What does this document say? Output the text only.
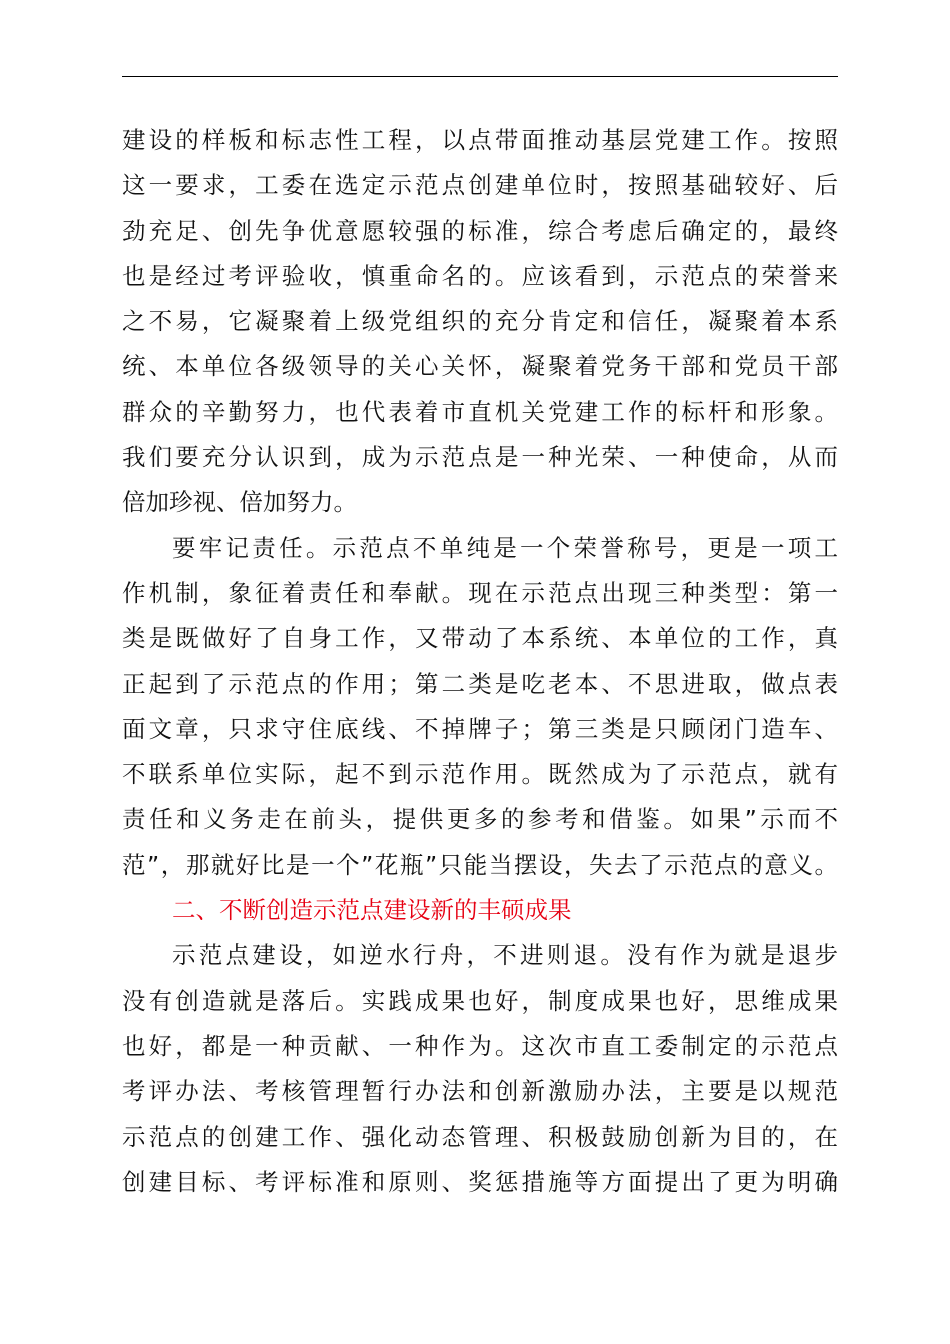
建设的样板和标志性工程，以点带面推动基层党建工作。按照
这一要求，工委在选定示范点创建单位时，按照基础较好、后
劲充足、创先争优意愿较强的标准，综合考虑后确定的，最终
也是经过考评验收，慎重命名的。应该看到，示范点的荣誉来
之不易，它凝聚着上级党组织的充分肯定和信任，凝聚着本系
统、本单位各级领导的关心关怀，凝聚着党务干部和党员干部
群众的辛勤努力，也代表着市直机关党建工作的标杆和形象。
我们要充分认识到，成为示范点是一种光荣、一种使命，从而
倍加珍视、倍加努力。
要牢记责任。示范点不单纯是一个荣誉称号，更是一项工
作机制，象征着责任和奉献。现在示范点出现三种类型：第一
类是既做好了自身工作，又带动了本系统、本单位的工作，真
正起到了示范点的作用；第二类是吃老本、不思进取，做点表
面文章，只求守住底线、不掉牌子；第三类是只顾闭门造车、
不联系单位实际，起不到示范作用。既然成为了示范点，就有
责任和义务走在前头，提供更多的参考和借鉴。如果”示而不
范”，那就好比是一个”花瓶”只能当摆设，失去了示范点的意义。
二、不断创造示范点建设新的丰硕成果
示范点建设，如逆水行舟，不进则退。没有作为就是退步
没有创造就是落后。实践成果也好，制度成果也好，思维成果
也好，都是一种贡献、一种作为。这次市直工委制定的示范点
考评办法、考核管理暂行办法和创新激励办法，主要是以规范
示范点的创建工作、强化动态管理、积极鼓励创新为目的，在
创建目标、考评标准和原则、奖惩措施等方面提出了更为明确
